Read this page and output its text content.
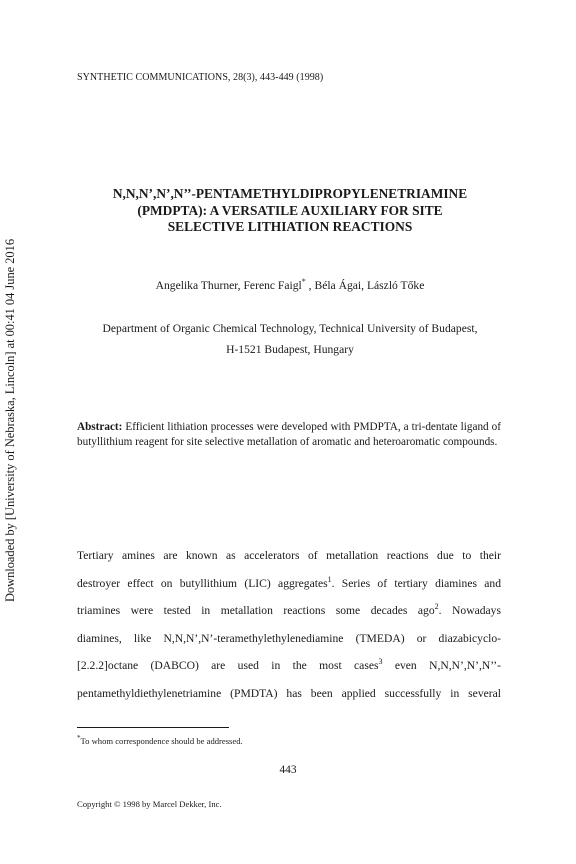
Downloaded by [University of Nebraska, Lincoln] at 00:41 04 June 2016
SYNTHETIC COMMUNICATIONS, 28(3), 443-449 (1998)
N,N,N’,N’,N’’-PENTAMETHYLDIPROPYLENETRIAMINE
(PMDPTA): A VERSATILE AUXILIARY FOR SITE
SELECTIVE LITHIATION REACTIONS
Angelika Thurner, Ferenc Faigl* , Béla Ágai, László Tőke
Department of Organic Chemical Technology, Technical University of Budapest,
H-1521 Budapest, Hungary
Abstract: Efficient lithiation processes were developed with PMDPTA, a tri-dentate ligand of butyllithium reagent for site selective metallation of aromatic and heteroaromatic compounds.
Tertiary amines are known as accelerators of metallation reactions due to their
destroyer effect on butyllithium (LIC) aggregates$^1$. Series of tertiary diamines and
triamines were tested in metallation reactions some decades ago$^2$. Nowadays
diamines, like N,N,N’,N’-teramethylethylenediamine (TMEDA) or diazabicyclo-
[2.2.2]octane (DABCO) are used in the most cases$^3$ even N,N,N’,N’,N’’-
pentamethyldiethylenetriamine (PMDTA) has been applied successfully in several
*To whom correspondence should be addressed.
443
Copyright © 1998 by Marcel Dekker, Inc.
